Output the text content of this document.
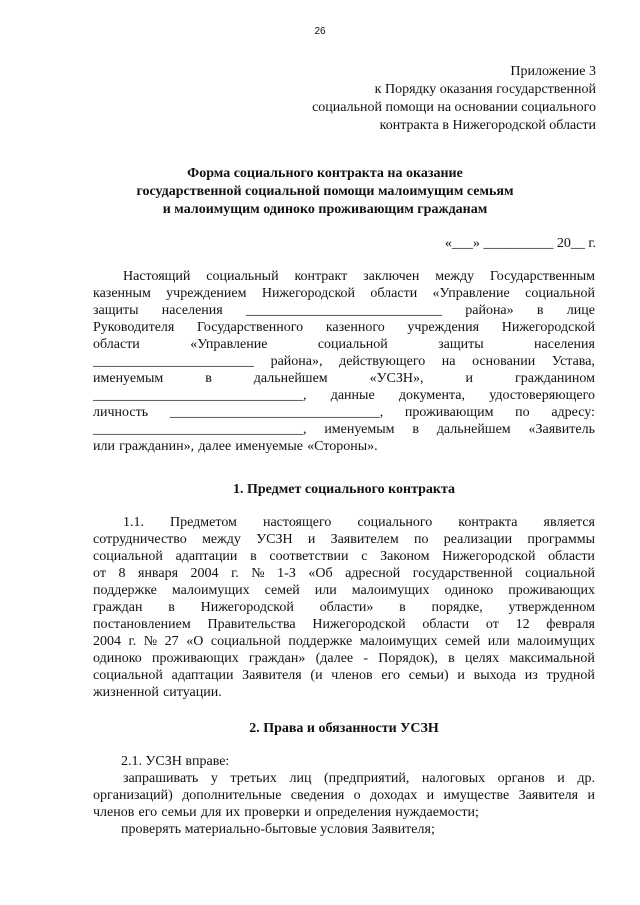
26
Приложение 3
к Порядку оказания государственной
социальной помощи на основании социального
контракта в Нижегородской области
Форма социального контракта на оказание
государственной социальной помощи малоимущим семьям
и малоимущим одиноко проживающим гражданам
«___» __________ 20__ г.
Настоящий социальный контракт заключен между Государственным
казенным учреждением Нижегородской области «Управление социальной
защиты населения ____________________________ района» в лице
Руководителя Государственного казенного учреждения Нижегородской
области	«Управление	социальной	защиты	населения
_______________________ района», действующего на основании Устава,
именуемым	в	дальнейшем	«УСЗН»,	и	гражданином
______________________________, данные документа, удостоверяющего
личность ______________________________, проживающим по адресу:
______________________________, именуемым в дальнейшем «Заявитель
или гражданин», далее именуемые «Стороны».
1. Предмет социального контракта
1.1. Предметом настоящего социального контракта является
сотрудничество между УСЗН и Заявителем по реализации программы
социальной адаптации в соответствии с Законом Нижегородской области
от 8 января 2004 г. № 1-З «Об адресной государственной социальной
поддержке малоимущих семей или малоимущих одиноко проживающих
граждан в Нижегородской области» в порядке, утвержденном
постановлением Правительства Нижегородской области от 12 февраля
2004 г. № 27 «О социальной поддержке малоимущих семей или малоимущих
одиноко проживающих граждан» (далее - Порядок), в целях максимальной
социальной адаптации Заявителя (и членов его семьи) и выхода из трудной
жизненной ситуации.
2. Права и обязанности УСЗН
2.1. УСЗН вправе:
запрашивать у третьих лиц (предприятий, налоговых органов и др.
организаций) дополнительные сведения о доходах и имуществе Заявителя и
членов его семьи для их проверки и определения нуждаемости;
проверять материально-бытовые условия Заявителя;
